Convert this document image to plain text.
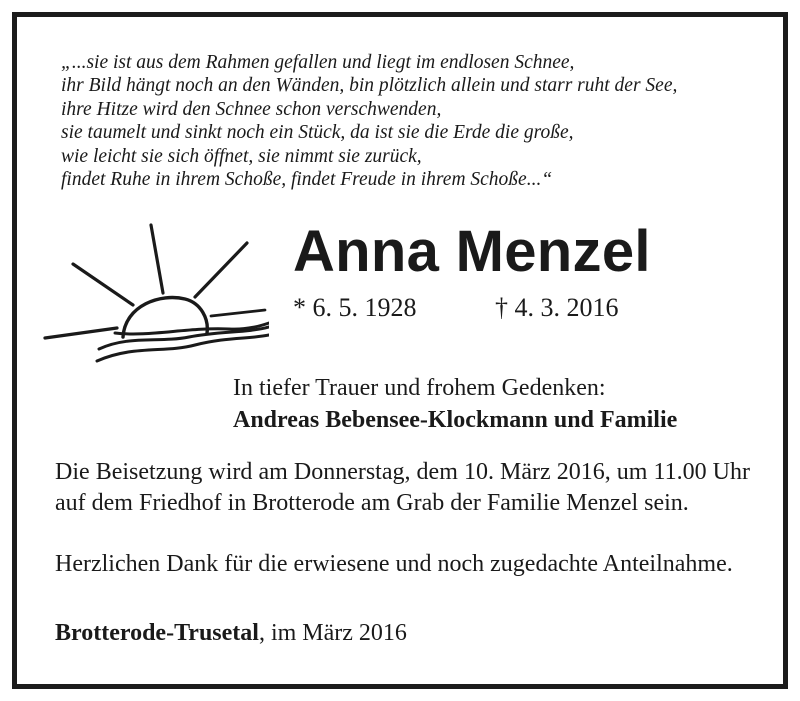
„...sie ist aus dem Rahmen gefallen und liegt im endlosen Schnee,
ihr Bild hängt noch an den Wänden, bin plötzlich allein und starr ruht der See,
ihre Hitze wird den Schnee schon verschwenden,
sie taumelt und sinkt noch ein Stück, da ist sie die Erde die große,
wie leicht sie sich öffnet, sie nimmt sie zurück,
findet Ruhe in ihrem Schoße, findet Freude in ihrem Schoße...“
Anna Menzel
* 6. 5. 1928	† 4. 3. 2016
In tiefer Trauer und frohem Gedenken:
Andreas Bebensee-Klockmann und Familie
Die Beisetzung wird am Donnerstag, dem 10. März 2016, um 11.00 Uhr auf dem Friedhof in Brotterode am Grab der Familie Menzel sein.
Herzlichen Dank für die erwiesene und noch zugedachte Anteilnahme.
Brotterode-Trusetal, im März 2016
